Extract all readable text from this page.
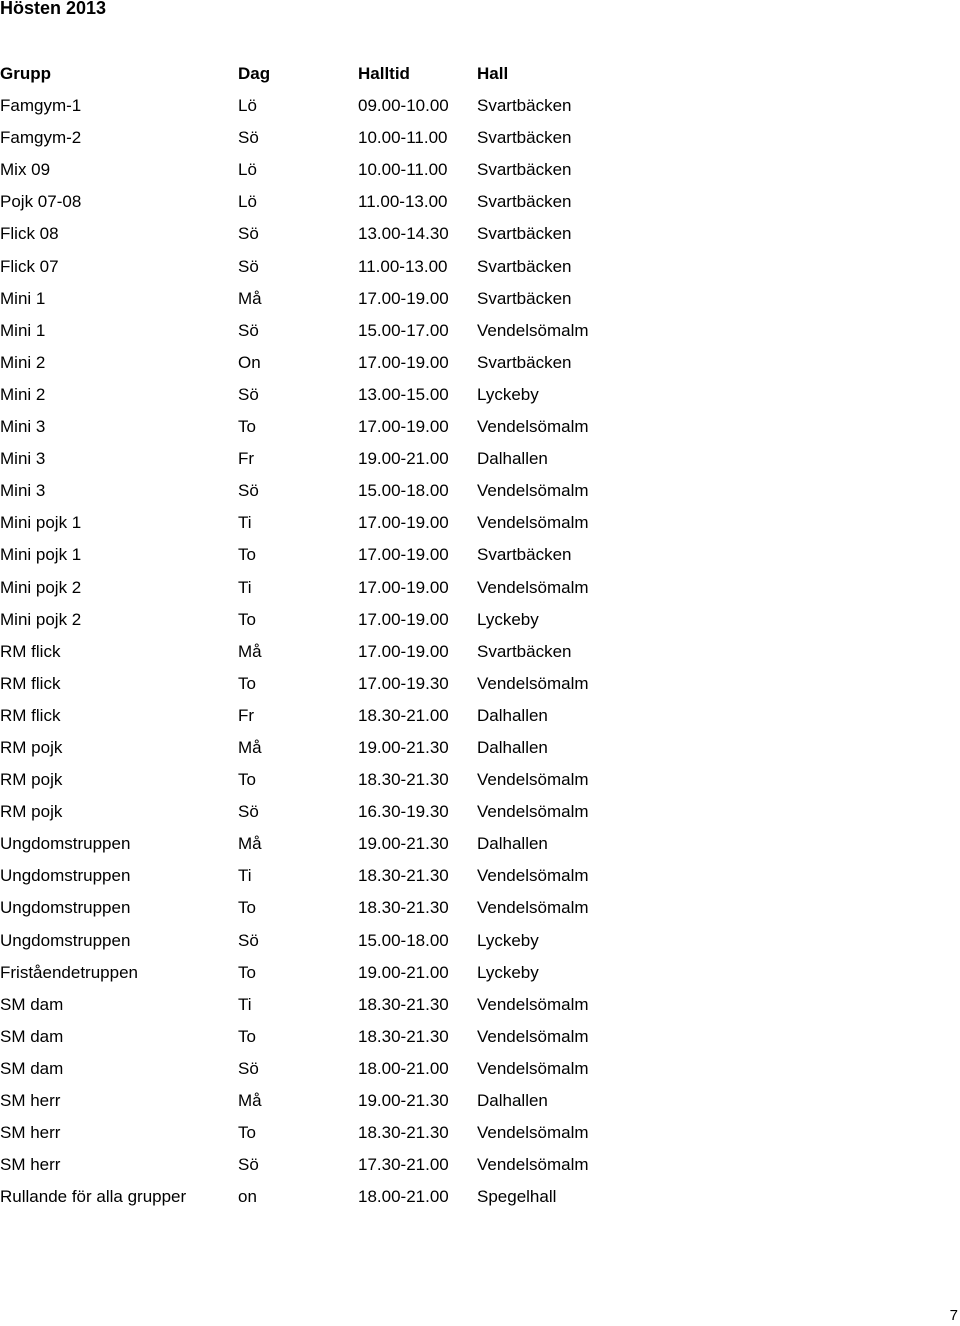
Hösten 2013
Grupp	Dag	Halltid	Hall
Famgym-1	Lö	09.00-10.00 Svartbäcken
Famgym-2	Sö	10.00-11.00 Svartbäcken
Mix 09	Lö	10.00-11.00 Svartbäcken
Pojk 07-08	Lö	11.00-13.00 Svartbäcken
Flick 08	Sö	13.00-14.30 Svartbäcken
Flick 07	Sö	11.00-13.00 Svartbäcken
Mini 1	Må	17.00-19.00 Svartbäcken
Mini 1	Sö	15.00-17.00 Vendelsömalm
Mini 2	On	17.00-19.00 Svartbäcken
Mini 2	Sö	13.00-15.00 Lyckeby
Mini 3	To	17.00-19.00 Vendelsömalm
Mini 3	Fr	19.00-21.00 Dalhallen
Mini 3	Sö	15.00-18.00 Vendelsömalm
Mini pojk 1	Ti	17.00-19.00 Vendelsömalm
Mini pojk 1	To	17.00-19.00 Svartbäcken
Mini pojk 2	Ti	17.00-19.00 Vendelsömalm
Mini pojk 2	To	17.00-19.00 Lyckeby
RM flick	Må	17.00-19.00 Svartbäcken
RM flick	To	17.00-19.30 Vendelsömalm
RM flick	Fr	18.30-21.00 Dalhallen
RM pojk	Må	19.00-21.30 Dalhallen
RM pojk	To	18.30-21.30 Vendelsömalm
RM pojk	Sö	16.30-19.30 Vendelsömalm
Ungdomstruppen	Må	19.00-21.30 Dalhallen
Ungdomstruppen	Ti	18.30-21.30 Vendelsömalm
Ungdomstruppen	To	18.30-21.30 Vendelsömalm
Ungdomstruppen	Sö	15.00-18.00 Lyckeby
Friståendetruppen	To	19.00-21.00 Lyckeby
SM dam	Ti	18.30-21.30 Vendelsömalm
SM dam	To	18.30-21.30 Vendelsömalm
SM dam	Sö	18.00-21.00 Vendelsömalm
SM herr	Må	19.00-21.30 Dalhallen
SM herr	To	18.30-21.30 Vendelsömalm
SM herr	Sö	17.30-21.00 Vendelsömalm
Rullande för alla grupper	on	18.00-21.00 Spegelhall
7
